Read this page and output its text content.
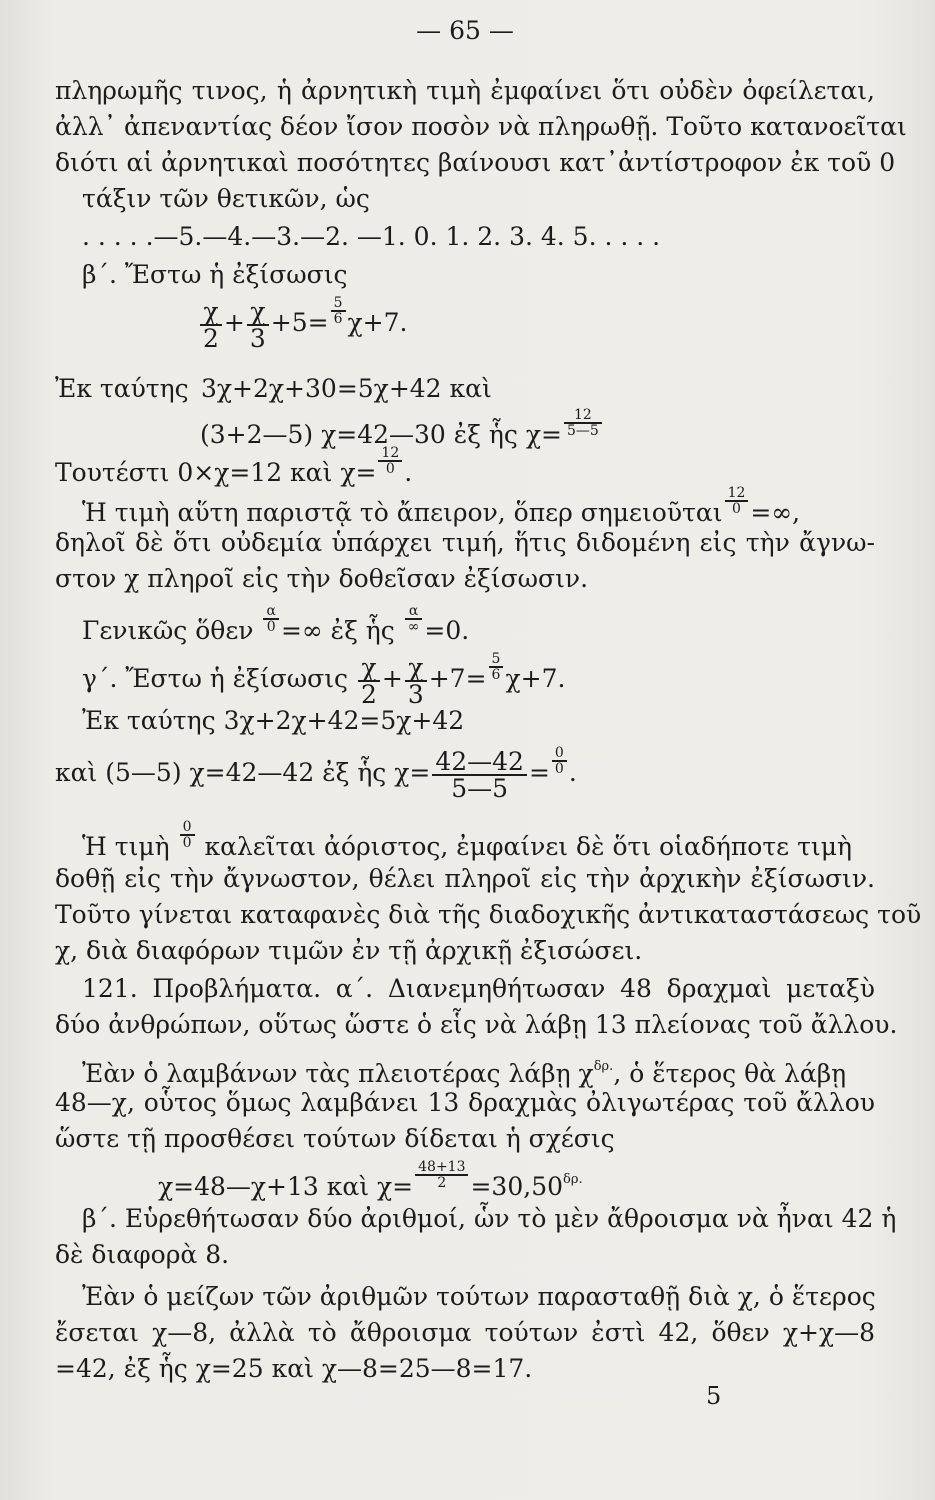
— 65 —
πληρωμῆς τινος, ἡ ἀρνητικὴ τιμὴ ἐμφαίνει ὅτι οὐδὲν ὀφείλεται,
ἀλλ᾽ ἀπεναντίας δέον ἴσον ποσὸν νὰ πληρωθῇ. Τοῦτο κατανοεῖται
διότι αἱ ἀρνητικαὶ ποσότητες βαίνουσι κατ᾽ἀντίστροφον ἐκ τοῦ 0
τάξιν τῶν θετικῶν, ὡς
. . . . .—5.—4.—3.—2. —1. 0. 1. 2. 3. 4. 5. . . . .
β΄. Ἔστω ἡ ἐξίσωσις
$\frac{\chi}{2} + \frac{\chi}{3} +5= \frac{5}{6} \chi+7$.
Ἐκ ταύτης 3χ+2χ+30=5χ+42 καὶ
(3+2—5) χ=42—30 ἐξ ἧς $\chi= \frac{12}{5—5}$
Τουτέστι 0×χ=12 καὶ $\chi= \frac{12}{0}$ .
Ἡ τιμὴ αὕτη παριστᾷ τὸ ἄπειρον, ὅπερ σημειοῦται $\frac{12}{0}$ =∞,
δηλοῖ δὲ ὅτι οὐδεμία ὑπάρχει τιμή, ἥτις διδομένη εἰς τὴν ἄγνω-
στον χ πληροῖ εἰς τὴν δοθεῖσαν ἐξίσωσιν.
Γενικῶς ὅθεν $\frac{\alpha}{0}$ =∞ ἐξ ἧς $\frac{\alpha}{\infty} =0$.
γ΄. Ἔστω ἡ ἐξίσωσις $\frac{\chi}{2} + \frac{\chi}{3} +7= \frac{5}{6} \chi+7$.
Ἐκ ταύτης 3χ+2χ+42=5χ+42
καὶ (5—5) χ=42—42 ἐξ ἧς $\chi= \frac{42—42}{5—5} = \frac{0}{0}$ .
Ἡ τιμὴ $\frac{0}{0}$ καλεῖται ἀόριστος, ἐμφαίνει δὲ ὅτι οἱαδήποτε τιμὴ
δοθῇ εἰς τὴν ἄγνωστον, θέλει πληροῖ εἰς τὴν ἀρχικὴν ἐξίσωσιν.
Τοῦτο γίνεται καταφανὲς διὰ τῆς διαδοχικῆς ἀντικαταστάσεως τοῦ
χ, διὰ διαφόρων τιμῶν ἐν τῇ ἀρχικῇ ἐξισώσει.
121. Προβλήματα. α΄. Διανεμηθήτωσαν 48 δραχμαὶ μεταξὺ
δύο ἀνθρώπων, οὕτως ὥστε ὁ εἷς νὰ λάβῃ 13 πλείονας τοῦ ἄλλου.
Ἐὰν ὁ λαμβάνων τὰς πλειοτέρας λάβῃ $\chi^{\delta\rho.}$, ὁ ἕτερος θὰ λάβῃ
48—χ, οὗτος ὅμως λαμβάνει 13 δραχμὰς ὀλιγωτέρας τοῦ ἄλλου
ὥστε τῇ προσθέσει τούτων δίδεται ἡ σχέσις
χ=48—χ+13 καὶ $\chi= \frac{48+13}{2} =30,50^{\delta\rho.}$
β΄. Εὑρεθήτωσαν δύο ἀριθμοί, ὧν τὸ μὲν ἄθροισμα νὰ ἦναι 42 ἡ
δὲ διαφορὰ 8.
Ἐὰν ὁ μείζων τῶν ἀριθμῶν τούτων παρασταθῇ διὰ χ, ὁ ἕτερος
ἔσεται χ—8, ἀλλὰ τὸ ἄθροισμα τούτων ἐστὶ 42, ὅθεν χ+χ—8
=42, ἐξ ἧς χ=25 καὶ χ—8=25—8=17.
5
